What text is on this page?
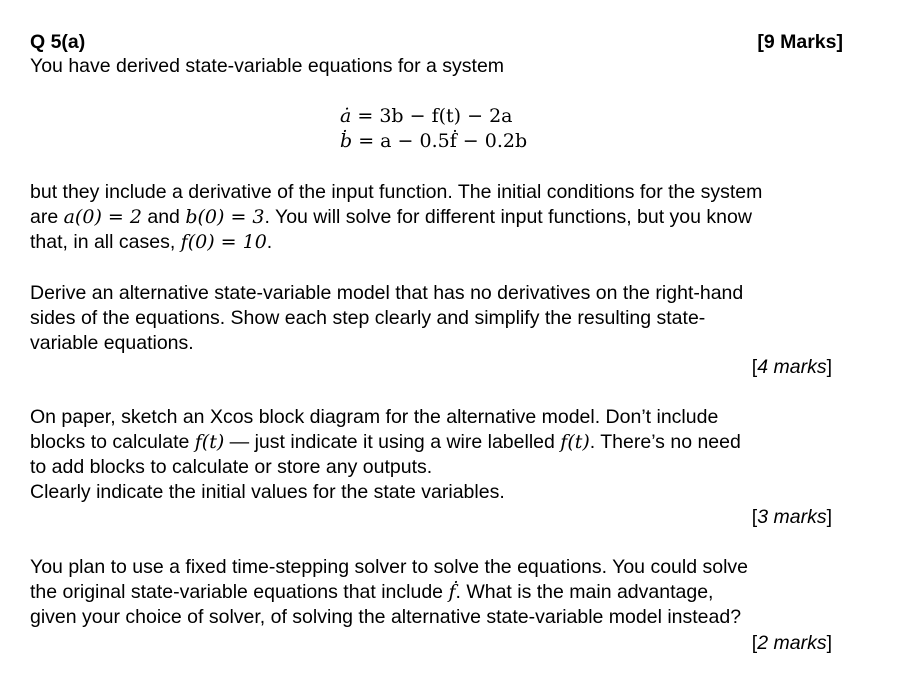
Q 5(a)	[9 Marks]

You have derived state-variable equations for a system

ȧ = 3b − f(t) − 2a
ḃ = a − 0.5ḟ − 0.2b

but they include a derivative of the input function. The initial conditions for the system

are a(0) = 2 and b(0) = 3. You will solve for different input functions, but you know

that, in all cases, f(0) = 10.

Derive an alternative state-variable model that has no derivatives on the right-hand

sides of the equations. Show each step clearly and simplify the resulting state-

variable equations.

[4 marks]

On paper, sketch an Xcos block diagram for the alternative model. Don’t include

blocks to calculate f(t) — just indicate it using a wire labelled f(t). There’s no need

to add blocks to calculate or store any outputs.

Clearly indicate the initial values for the state variables.

[3 marks]

You plan to use a fixed time-stepping solver to solve the equations. You could solve

the original state-variable equations that include ḟ. What is the main advantage,

given your choice of solver, of solving the alternative state-variable model instead?

[2 marks]
